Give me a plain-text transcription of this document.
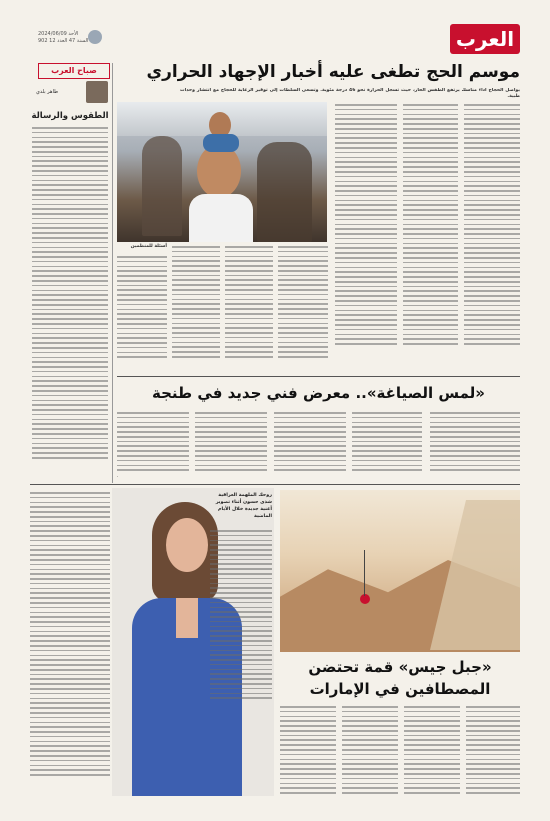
العرب
الأحد 2024/06/09
السنة 47 العدد 12 902
صباح العرب
طاهر بلدي
الطقوس والرسالة
موسم الحج تطغى عليه أخبار الإجهاد الحراري
يواصل الحجاج أداء مناسك يرتفع الطقس الحار، حيث تسجل الحرارة نحو 46 درجة مئوية. وتسعى السلطات إلى توفير الرعاية للحجاج مع انتشار وحدات طبية.
أسئلة للمنظمين
«لمس الصياغة».. معرض فني جديد في طنجة
روحك الملهمة العراقية شذى حسون أثناء تصوير أغنية جديدة خلال الأيام الماضية
«جبل جيس» قمة تحتضن المصطافين في الإمارات
